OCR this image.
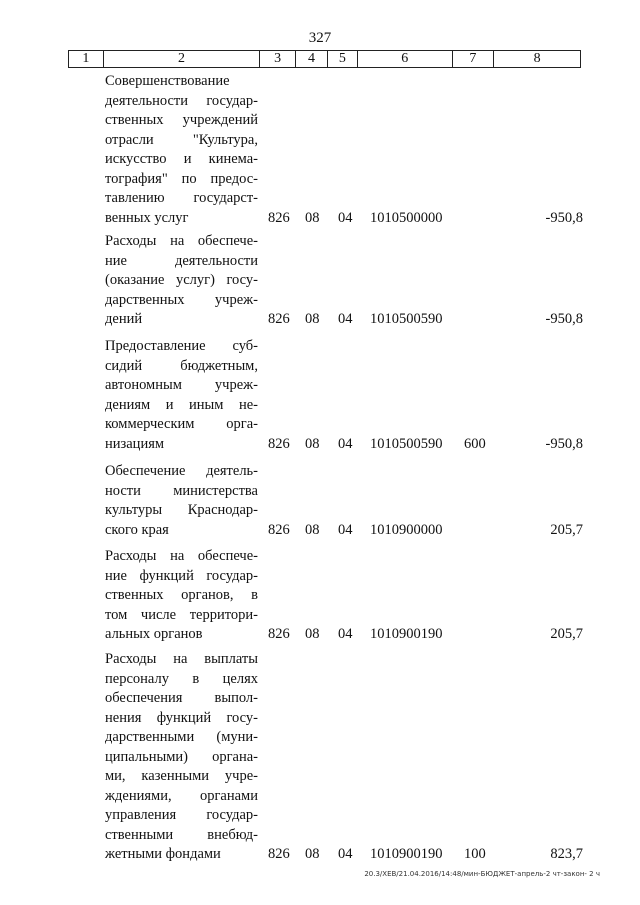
327
1	2	3	4	5	6	7	8
Совершенствование
деятельности госудаp-
ственных учреждений
отрасли "Культура,
искусство и кинема-
тография" по предос-
тавлению государст-
венных услуг	826 08 04 1010500000	-950,8
Расходы на обеспече-
ние деятельности
(оказание услуг) госу-
дарственных учреж-
дений	826 08 04 1010500590	-950,8
Предоставление суб-
сидий бюджетным,
автономным учреж-
дениям и иным не-
коммерческим орга-
низациям	826 08 04 1010500590 600	-950,8
Обеспечение деятель-
ности министерства
культуры Краснодар-
ского края	826 08 04 1010900000	205,7
Расходы на обеспече-
ние функций государ-
ственных органов, в
том числе территори-
альных органов	826 08 04 1010900190	205,7
Расходы на выплаты
персоналу в целях
обеспечения выпол-
нения функций госу-
дарственными (муни-
ципальными) органа-
ми, казенными учре-
ждениями, органами
управления государ-
ственными внебюд-
жетными фондами	826 08 04 1010900190 100	823,7
20.3/ХЕВ/21.04.2016/14:48/мин-БЮДЖЕТ-апрель-2 чт-закон- 2 ч
